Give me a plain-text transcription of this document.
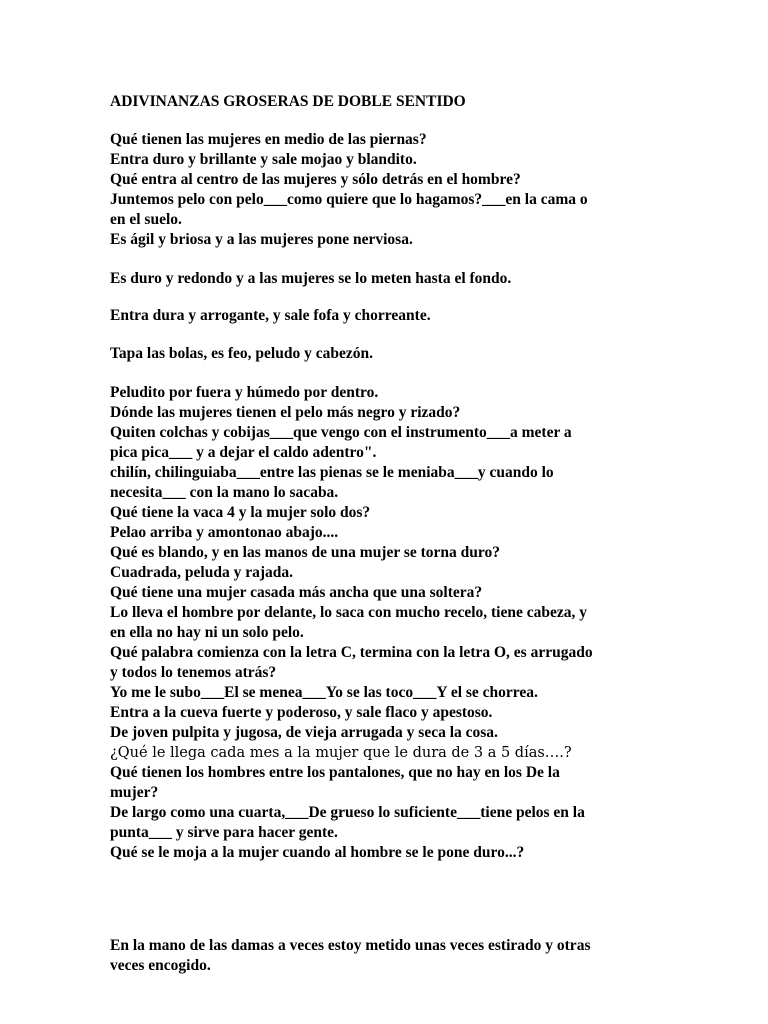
ADIVINANZAS GROSERAS DE DOBLE SENTIDO
Qué tienen las mujeres en medio de las piernas?
Entra duro y brillante y sale mojao y blandito.
Qué entra al centro de las mujeres y sólo detrás en el hombre?
Juntemos pelo con pelo___como quiere que lo hagamos?___en la cama o
en el suelo.
Es ágil y briosa y a las mujeres pone nerviosa.
Es duro y redondo y a las mujeres se lo meten hasta el fondo.
Entra dura y arrogante, y sale fofa y chorreante.
Tapa las bolas, es feo, peludo y cabezón.
Peludito por fuera y húmedo por dentro.
Dónde las mujeres tienen el pelo más negro y rizado?
Quiten colchas y cobijas___que vengo con el instrumento___a meter a
pica pica___ y a dejar el caldo adentro".
chilín, chilinguiaba___entre las pienas se le meniaba___y cuando lo
necesita___ con la mano lo sacaba.
Qué tiene la vaca 4 y la mujer solo dos?
Pelao arriba y amontonao abajo....
Qué es blando, y en las manos de una mujer se torna duro?
Cuadrada, peluda y rajada.
Qué tiene una mujer casada más ancha que una soltera?
Lo lleva el hombre por delante, lo saca con mucho recelo, tiene cabeza, y
en ella no hay ni un solo pelo.
Qué palabra comienza con la letra C, termina con la letra O, es arrugado
y todos lo tenemos atrás?
Yo me le subo___El se menea___Yo se las toco___Y el se chorrea.
Entra a la cueva fuerte y poderoso, y sale flaco y apestoso.
De joven pulpita y jugosa, de vieja arrugada y seca la cosa.
¿Qué le llega cada mes a la mujer que le dura de 3 a 5 días….?
Qué tienen los hombres entre los pantalones, que no hay en los De la
mujer?
De largo como una cuarta,___De grueso lo suficiente___tiene pelos en la
punta___ y sirve para hacer gente.
Qué se le moja a la mujer cuando al hombre se le pone duro...?
En la mano de las damas a veces estoy metido unas veces estirado y otras
veces encogido.
